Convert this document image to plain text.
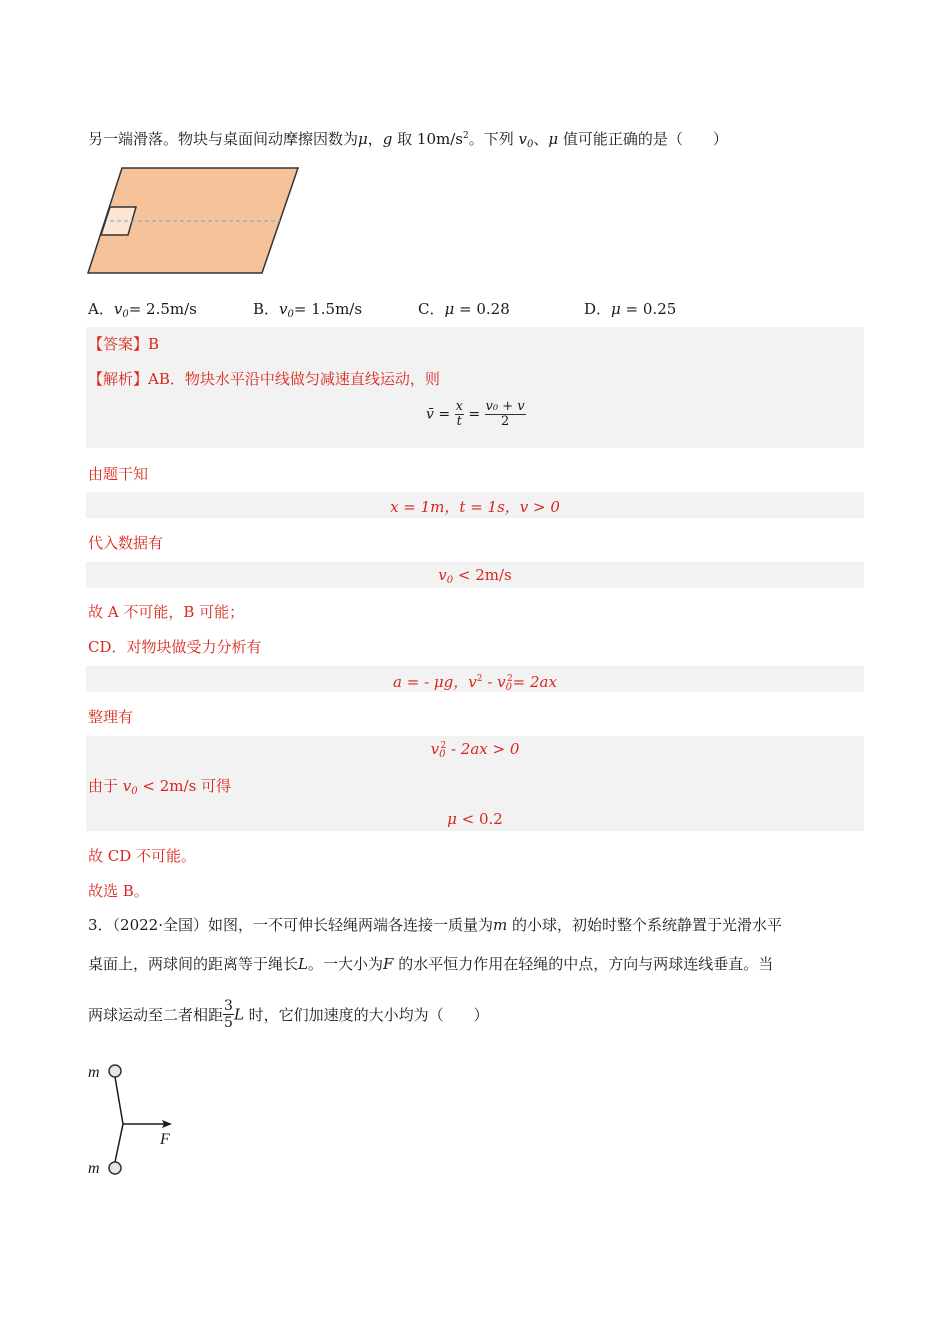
另一端滑落。物块与桌面间动摩擦因数为μ，g 取 $10m/s^2$。下列 $v_0$、μ 值可能正确的是（　　）
A．$v_0= 2.5m/s$	B．$v_0= 1.5m/s$	C．μ = 0.28	D．μ = 0.25
【答案】B
【解析】AB．物块水平沿中线做匀减速直线运动，则
v̄ = $\frac{x}{t} = \frac{\text{v₀ + v}}{2}$
由题干知
x = 1m，t = 1s，v > 0
代入数据有
$v_0 < 2m/s$
故 A 不可能，B 可能；
CD．对物块做受力分析有
a = - μg，$v^2 - v_0^2= 2ax$
整理有
$v_0^2 - 2ax > 0$
由于 $v_0 < 2m/s$ 可得
μ < 0.2
故 CD 不可能。
故选 B。
3．（2022·全国）如图，一不可伸长轻绳两端各连接一质量为m 的小球，初始时整个系统静置于光滑水平
桌面上，两球间的距离等于绳长L。一大小为F 的水平恒力作用在轻绳的中点，方向与两球连线垂直。当
两球运动至二者相距 $\frac{3}{5}$ L 时，它们加速度的大小均为（　　）
m
m
F
